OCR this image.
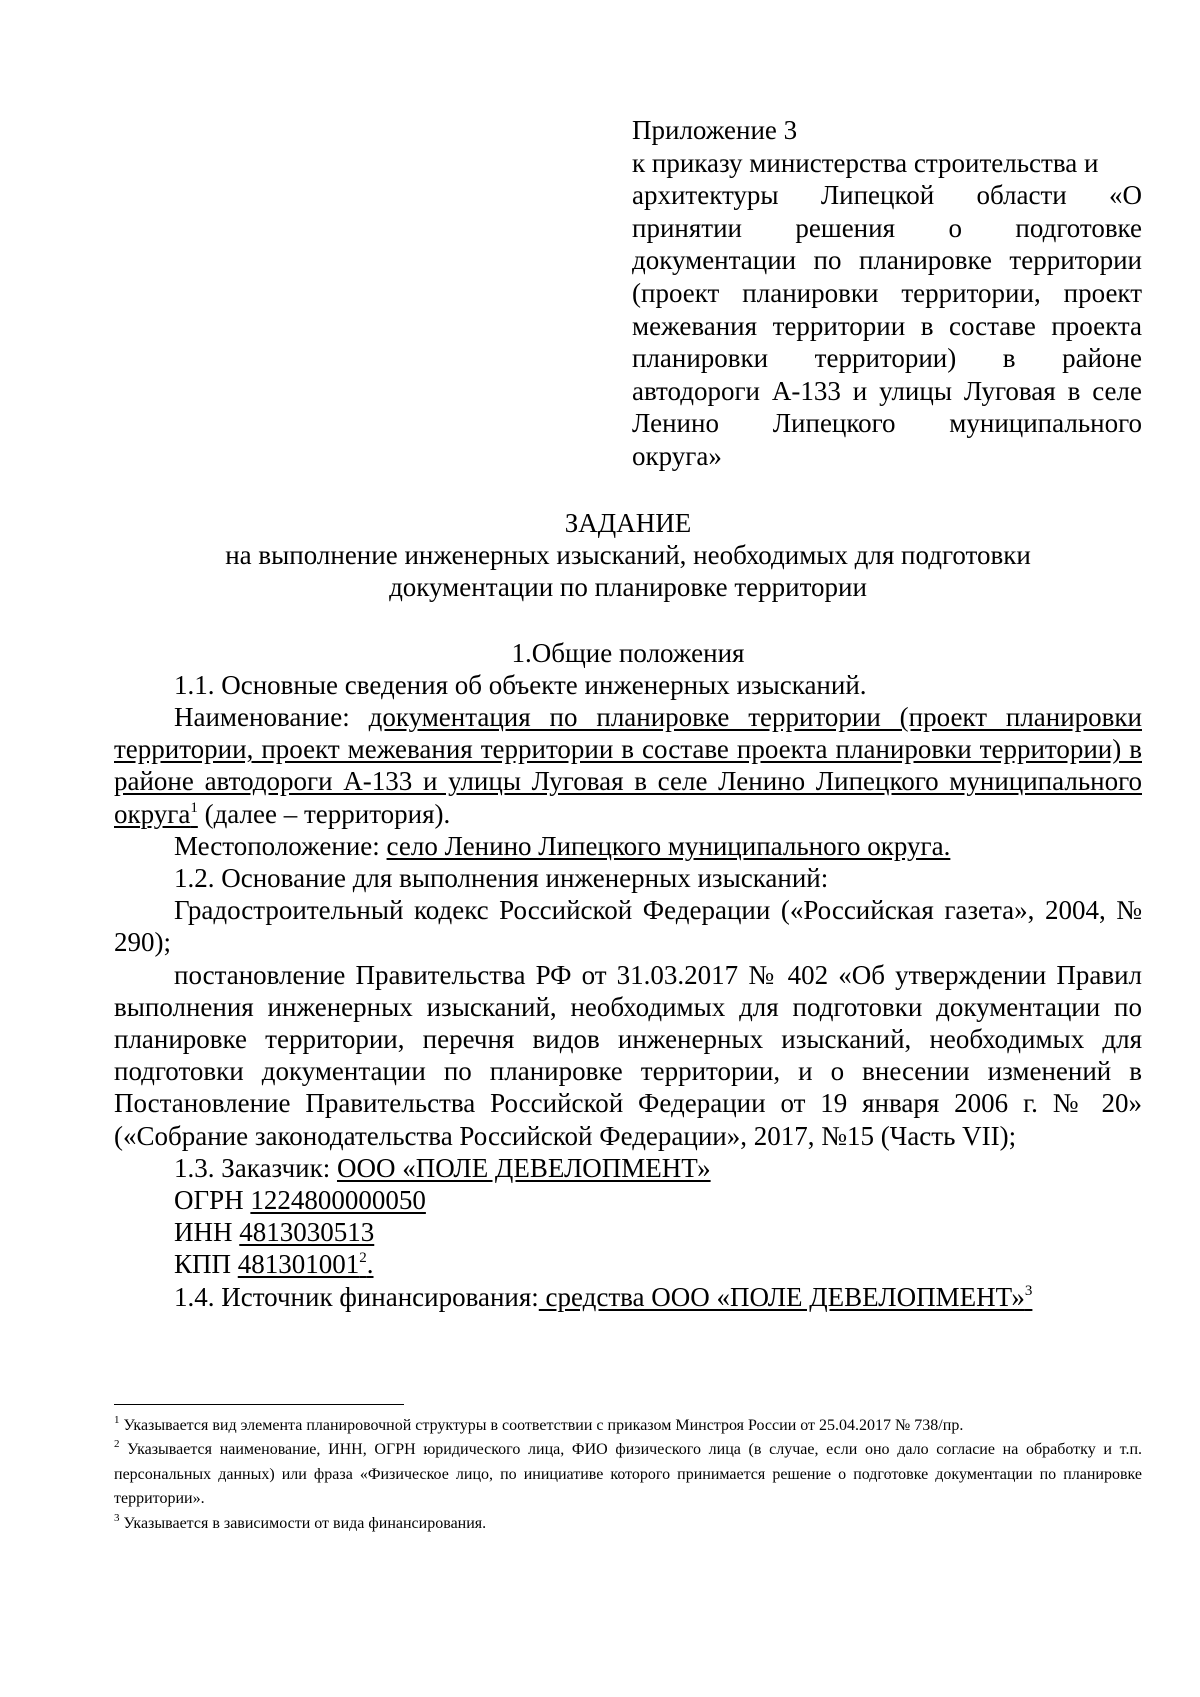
Приложение 3
к приказу министерства строительства и
архитектуры Липецкой области «О
принятии решения о подготовке
документации по планировке территории
(проект планировки территории, проект
межевания территории в составе проекта
планировки территории) в районе
автодороги А-133 и улицы Луговая в селе
Ленино Липецкого муниципального
округа»
ЗАДАНИЕ
на выполнение инженерных изысканий, необходимых для подготовки
документации по планировке территории
1.Общие положения
1.1. Основные сведения об объекте инженерных изысканий.

Наименование: документация по планировке территории (проект планировки территории, проект межевания территории в составе проекта планировки территории) в районе автодороги А-133 и улицы Луговая в селе Ленино Липецкого муниципального округа$^1$ (далее – территория).

Местоположение: село Ленино Липецкого муниципального округа.
1.2. Основание для выполнения инженерных изысканий:

Градостроительный кодекс Российской Федерации («Российская газета», 2004, № 290);

постановление Правительства РФ от 31.03.2017 № 402 «Об утверждении Правил выполнения инженерных изысканий, необходимых для подготовки документации по планировке территории, перечня видов инженерных изысканий, необходимых для подготовки документации по планировке территории, и о внесении изменений в Постановление Правительства Российской Федерации от 19 января 2006 г. № 20» («Собрание законодательства Российской Федерации», 2017, №15 (Часть VII);

1.3. Заказчик: ООО «ПОЛЕ ДЕВЕЛОПМЕНТ»
ОГРН 1224800000050
ИНН 4813030513
КПП 481301001$^2$.
1.4. Источник финансирования: средства ООО «ПОЛЕ ДЕВЕЛОПМЕНТ»$^3$
$^1$ Указывается вид элемента планировочной структуры в соответствии с приказом Минстроя России от 25.04.2017 № 738/пр.
$^2$ Указывается наименование, ИНН, ОГРН юридического лица, ФИО физического лица (в случае, если оно дало согласие на обработку и т.п. персональных данных) или фраза «Физическое лицо, по инициативе которого принимается решение о подготовке документации по планировке территории».
$^3$ Указывается в зависимости от вида финансирования.
